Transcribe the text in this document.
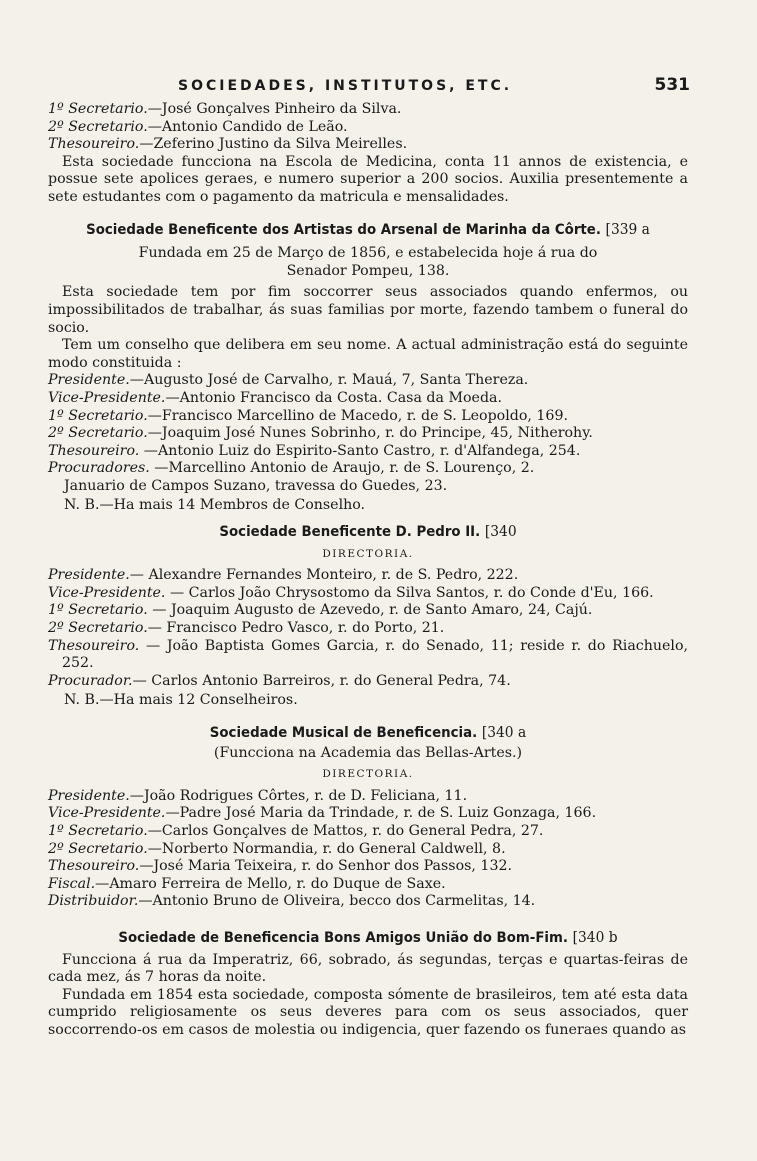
SOCIEDADES, INSTITUTOS, ETC.	531

1º Secretario.—José Gonçalves Pinheiro da Silva.

2º Secretario.—Antonio Candido de Leão.

Thesoureiro.—Zeferino Justino da Silva Meirelles.

Esta sociedade funcciona na Escola de Medicina, conta 11 annos de existencia, e possue sete apolices geraes, e numero superior a 200 socios. Auxilia presentemente a sete estudantes com o pagamento da matricula e mensalidades.

Sociedade Beneficente dos Artistas do Arsenal de Marinha da Côrte. [339 a

Fundada em 25 de Março de 1856, e estabelecida hoje á rua do

Senador Pompeu, 138.

Esta sociedade tem por fim soccorrer seus associados quando enfermos, ou impossibilitados de trabalhar, ás suas familias por morte, fazendo tambem o funeral do socio.

Tem um conselho que delibera em seu nome. A actual administração está do seguinte modo constituida :

Presidente.—Augusto José de Carvalho, r. Mauá, 7, Santa Thereza.

Vice-Presidente.—Antonio Francisco da Costa. Casa da Moeda.

1º Secretario.—Francisco Marcellino de Macedo, r. de S. Leopoldo, 169.

2º Secretario.—Joaquim José Nunes Sobrinho, r. do Principe, 45, Nitherohy.

Thesoureiro. —Antonio Luiz do Espirito-Santo Castro, r. d'Alfandega, 254.

Procuradores. —Marcellino Antonio de Araujo, r. de S. Lourenço, 2.

Januario de Campos Suzano, travessa do Guedes, 23.

N. B.—Ha mais 14 Membros de Conselho.

Sociedade Beneficente D. Pedro II. [340

DIRECTORIA.

Presidente.— Alexandre Fernandes Monteiro, r. de S. Pedro, 222.

Vice-Presidente. — Carlos João Chrysostomo da Silva Santos, r. do Conde d'Eu, 166.

1º Secretario. — Joaquim Augusto de Azevedo, r. de Santo Amaro, 24, Cajú.

2º Secretario.— Francisco Pedro Vasco, r. do Porto, 21.

Thesoureiro. — João Baptista Gomes Garcia, r. do Senado, 11; reside r. do Riachuelo, 252.

Procurador.— Carlos Antonio Barreiros, r. do General Pedra, 74.

N. B.—Ha mais 12 Conselheiros.

Sociedade Musical de Beneficencia. [340 a

(Funcciona na Academia das Bellas-Artes.)

DIRECTORIA.

Presidente.—João Rodrigues Côrtes, r. de D. Feliciana, 11.

Vice-Presidente.—Padre José Maria da Trindade, r. de S. Luiz Gonzaga, 166.

1º Secretario.—Carlos Gonçalves de Mattos, r. do General Pedra, 27.

2º Secretario.—Norberto Normandia, r. do General Caldwell, 8.

Thesoureiro.—José Maria Teixeira, r. do Senhor dos Passos, 132.

Fiscal.—Amaro Ferreira de Mello, r. do Duque de Saxe.

Distribuidor.—Antonio Bruno de Oliveira, becco dos Carmelitas, 14.

Sociedade de Beneficencia Bons Amigos União do Bom-Fim. [340 b

Funcciona á rua da Imperatriz, 66, sobrado, ás segundas, terças e quartas-feiras de cada mez, ás 7 horas da noite.

Fundada em 1854 esta sociedade, composta sómente de brasileiros, tem até esta data cumprido religiosamente os seus deveres para com os seus associados, quer soccorrendo-os em casos de molestia ou indigencia, quer fazendo os funeraes quando as
